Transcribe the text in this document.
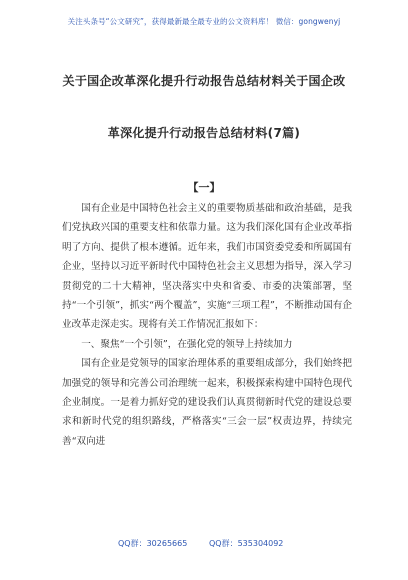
关注头条号“公文研究”，获得最新最全最专业的公文资料库！ 微信：gongwenyj
关于国企改革深化提升行动报告总结材料关于国企改
革深化提升行动报告总结材料(7篇)
【一】

国有企业是中国特色社会主义的重要物质基础和政治基础，是我们党执政兴国的重要支柱和依靠力量。这为我们深化国有企业改革指明了方向、提供了根本遵循。近年来，我们市国资委党委和所属国有企业，坚持以习近平新时代中国特色社会主义思想为指导，深入学习贯彻党的二十大精神，坚决落实中央和省委、市委的决策部署，坚持“一个引领”，抓实“两个覆盖”，实施“三项工程”，不断推动国有企业改革走深走实。现将有关工作情况汇报如下：

一、聚焦“一个引领”，在强化党的领导上持续加力

国有企业是党领导的国家治理体系的重要组成部分，我们始终把加强党的领导和完善公司治理统一起来，积极探索构建中国特色现代企业制度。一是着力抓好党的建设我们认真贯彻新时代党的建设总要求和新时代党的组织路线，严格落实“三会一层”权责边界，持续完善“双向进

QQ群：30265665	QQ群：535304092
